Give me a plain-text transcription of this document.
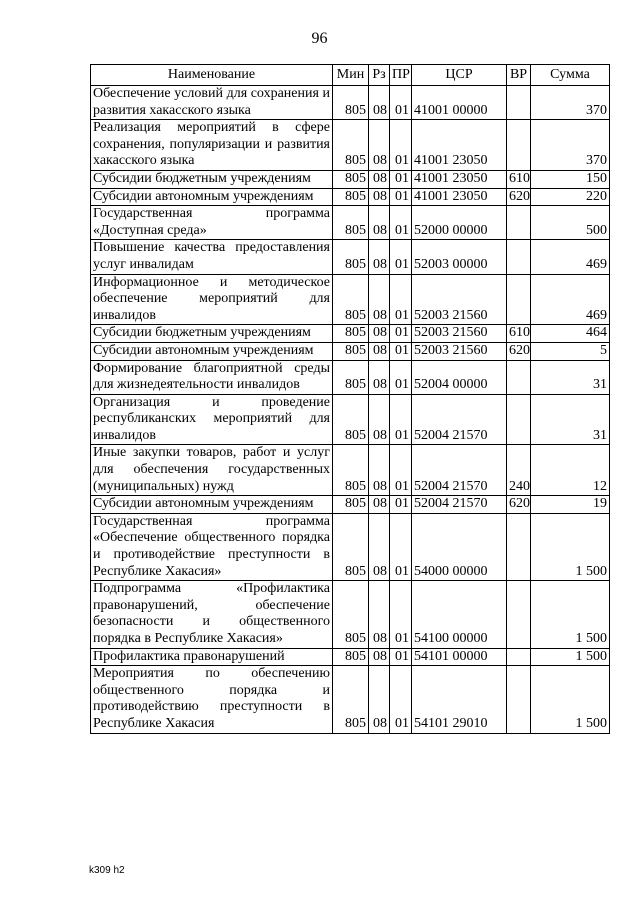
96
Наименование	Мин	Рз	ПР	ЦСР	ВР	Сумма
Обеспечение условий для сохранения и развития хакасского языка	805	08	01	41001 00000		370
Реализация мероприятий в сфере сохранения, популяризации и развития хакасского языка	805	08	01	41001 23050		370
Субсидии бюджетным учреждениям	805	08	01	41001 23050	610	150
Субсидии автономным учреждениям	805	08	01	41001 23050	620	220
Государственная программа «Доступная среда»	805	08	01	52000 00000		500
Повышение качества предоставления услуг инвалидам	805	08	01	52003 00000		469
Информационное и методическое обеспечение мероприятий для инвалидов	805	08	01	52003 21560		469
Субсидии бюджетным учреждениям	805	08	01	52003 21560	610	464
Субсидии автономным учреждениям	805	08	01	52003 21560	620	5
Формирование благоприятной среды для жизнедеятельности инвалидов	805	08	01	52004 00000		31
Организация и проведение республиканских мероприятий для инвалидов	805	08	01	52004 21570		31
Иные закупки товаров, работ и услуг для обеспечения государственных (муниципальных) нужд	805	08	01	52004 21570	240	12
Субсидии автономным учреждениям	805	08	01	52004 21570	620	19
Государственная программа «Обеспечение общественного порядка и противодействие преступности в Республике Хакасия»	805	08	01	54000 00000		1 500
Подпрограмма «Профилактика правонарушений, обеспечение безопасности и общественного порядка в Республике Хакасия»	805	08	01	54100 00000		1 500
Профилактика правонарушений	805	08	01	54101 00000		1 500
Мероприятия по обеспечению общественного порядка и противодействию преступности в Республике Хакасия	805	08	01	54101 29010		1 500
k309 h2
